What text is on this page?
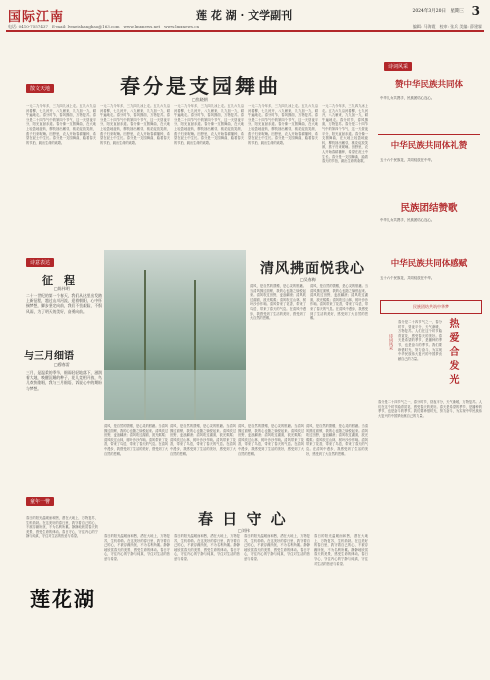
国际江南
电话: 0410-7557437　E-mail: lvmeishangbao@163.com　www.lmxnews.net　www.lmxnews.cn
莲 花 湖 · 文学副刊	3
2024年3月20日　星期三
编辑: 马海霞　校审: 张兵 美编: 薛建霖
散文天地	春分是支园舞曲
□焦晓朝
一元二九今年多，三九四九冰上走。五九六九沿河看柳，七九河开，八九雁来，九九加一九，耕牛遍地走。春分时节，春风拂面，万物复苏。春分是二十四节气中的第四个节气，这一天昼夜平分，阳光直射赤道。春分像一支圆舞曲，在大地上轻盈地旋转，柳枝抽出嫩芽，桃花绽放笑颜，燕子归来呢喃。田野里，农人开始春耕播种，希望在泥土中生长。春分是一支园舞曲，踏着春天的节拍，跳出生命的欢歌。
一元二九今年多，三九四九冰上走。五九六九沿河看柳，七九河开，八九雁来，九九加一九，耕牛遍地走。春分时节，春风拂面，万物复苏。春分是二十四节气中的第四个节气，这一天昼夜平分，阳光直射赤道。春分像一支圆舞曲，在大地上轻盈地旋转，柳枝抽出嫩芽，桃花绽放笑颜，燕子归来呢喃。田野里，农人开始春耕播种，希望在泥土中生长。春分是一支园舞曲，踏着春天的节拍，跳出生命的欢歌。
一元二九今年多，三九四九冰上走。五九六九沿河看柳，七九河开，八九雁来，九九加一九，耕牛遍地走。春分时节，春风拂面，万物复苏。春分是二十四节气中的第四个节气，这一天昼夜平分，阳光直射赤道。春分像一支圆舞曲，在大地上轻盈地旋转，柳枝抽出嫩芽，桃花绽放笑颜，燕子归来呢喃。田野里，农人开始春耕播种，希望在泥土中生长。春分是一支园舞曲，踏着春天的节拍，跳出生命的欢歌。
一元二九今年多，三九四九冰上走。五九六九沿河看柳，七九河开，八九雁来，九九加一九，耕牛遍地走。春分时节，春风拂面，万物复苏。春分是二十四节气中的第四个节气，这一天昼夜平分，阳光直射赤道。春分像一支圆舞曲，在大地上轻盈地旋转，柳枝抽出嫩芽，桃花绽放笑颜，燕子归来呢喃。田野里，农人开始春耕播种，希望在泥土中生长。春分是一支园舞曲，踏着春天的节拍，跳出生命的欢歌。
一元二九今年多，三九四九冰上走。五九六九沿河看柳，七九河开，八九雁来，九九加一九，耕牛遍地走。春分时节，春风拂面，万物复苏。春分是二十四节气中的第四个节气，这一天昼夜平分，阳光直射赤道。春分像一支圆舞曲，在大地上轻盈地旋转，柳枝抽出嫩芽，桃花绽放笑颜，燕子归来呢喃。田野里，农人开始春耕播种，希望在泥土中生长。春分是一支园舞曲，踏着春天的节拍，跳出生命的欢歌。
诗意表达
征　程
□陈伟明
二十一世纪的第一个春天，我们从这里出发踏上新征程，越过山川河流，迎着朝阳，心中怀揣梦想，脚步坚定向前，我们不畏艰险，不惧风雨，为了明天的美好，奋勇向前。
与三月细语
□穆春雷
三月，是温柔的季节，细雨轻轻地落下，滋润着大地，唤醒沉睡的种子，花儿竞相开放，鸟儿欢快歌唱，我与三月细语，诉说心中的期盼与梦想。
清风拂面悦我心
□吴春梅
清风，是自然的馈赠，是心灵的慰藉。当清风拂过面颊，我的心也随之愉悦起来。清风吹过田野，麦浪翻滚；清风吹过湖面，波光粼粼；清风吹过山林，树叶沙沙作响。清风带来了花香，带来了鸟语，带来了春天的气息。在清风中漫步，我感受到了生活的美好，感受到了大自然的恩赐。
清风，是自然的馈赠，是心灵的慰藉。当清风拂过面颊，我的心也随之愉悦起来。清风吹过田野，麦浪翻滚；清风吹过湖面，波光粼粼；清风吹过山林，树叶沙沙作响。清风带来了花香，带来了鸟语，带来了春天的气息。在清风中漫步，我感受到了生活的美好，感受到了大自然的恩赐。
清风，是自然的馈赠，是心灵的慰藉。当清风拂过面颊，我的心也随之愉悦起来。清风吹过田野，麦浪翻滚；清风吹过湖面，波光粼粼；清风吹过山林，树叶沙沙作响。清风带来了花香，带来了鸟语，带来了春天的气息。在清风中漫步，我感受到了生活的美好，感受到了大自然的恩赐。
清风，是自然的馈赠，是心灵的慰藉。当清风拂过面颊，我的心也随之愉悦起来。清风吹过田野，麦浪翻滚；清风吹过湖面，波光粼粼；清风吹过山林，树叶沙沙作响。清风带来了花香，带来了鸟语，带来了春天的气息。在清风中漫步，我感受到了生活的美好，感受到了大自然的恩赐。
清风，是自然的馈赠，是心灵的慰藉。当清风拂过面颊，我的心也随之愉悦起来。清风吹过田野，麦浪翻滚；清风吹过湖面，波光粼粼；清风吹过山林，树叶沙沙作响。清风带来了花香，带来了鸟语，带来了春天的气息。在清风中漫步，我感受到了生活的美好，感受到了大自然的恩赐。
清风，是自然的馈赠，是心灵的慰藉。当清风拂过面颊，我的心也随之愉悦起来。清风吹过田野，麦浪翻滚；清风吹过湖面，波光粼粼；清风吹过山林，树叶沙沙作响。清风带来了花香，带来了鸟语，带来了春天的气息。在清风中漫步，我感受到了生活的美好，感受到了大自然的恩赐。
童年一瞥
春 日 守 心
□刘伟
春日的阳光温暖而和煦，洒在大地上，万物复苏，生机勃勃。在这美好的春日里，我守着自己的心，不被浮躁所扰，不为名利所累。静静地欣赏春天的美景，感受生命的律动。春日守心，守住内心的宁静与纯真，守住对生活的热爱与希望。	春日的阳光温暖而和煦，洒在大地上，万物复苏，生机勃勃。在这美好的春日里，我守着自己的心，不被浮躁所扰，不为名利所累。静静地欣赏春天的美景，感受生命的律动。春日守心，守住内心的宁静与纯真，守住对生活的热爱与希望。
春日的阳光温暖而和煦，洒在大地上，万物复苏，生机勃勃。在这美好的春日里，我守着自己的心，不被浮躁所扰，不为名利所累。静静地欣赏春天的美景，感受生命的律动。春日守心，守住内心的宁静与纯真，守住对生活的热爱与希望。
春日的阳光温暖而和煦，洒在大地上，万物复苏，生机勃勃。在这美好的春日里，我守着自己的心，不被浮躁所扰，不为名利所累。静静地欣赏春天的美景，感受生命的律动。春日守心，守住内心的宁静与纯真，守住对生活的热爱与希望。
春日的阳光温暖而和煦，洒在大地上，万物复苏，生机勃勃。在这美好的春日里，我守着自己的心，不被浮躁所扰，不为名利所累。静静地欣赏春天的美景，感受生命的律动。春日守心，守住内心的宁静与纯真，守住对生活的热爱与希望。
莲花湖
诗词风采
赞中华民族共同体
中华儿女共携手，民族团结心连心。
中华民族共同体礼赞
五十六个民族花，共同绽放在中华。
民族团结赞歌
中华儿女共携手，民族团结心连心。
中华民族共同体感赋
五十六个民族花，共同绽放在中华。
民族团结共筑中华梦
诗词风采	热爱合发光
春分是二十四节气之一，春分时节，昼夜平分，天气渐暖，万物复苏。人们在这个时节踏青赏花，感受春天的美好。春天是希望的季节，是播种的季节，也是奋斗的季节。我们要珍惜时光，努力奋斗，为实现中华民族伟大复兴的中国梦贡献自己的力量。
春分是二十四节气之一，春分时节，昼夜平分，天气渐暖，万物复苏。人们在这个时节踏青赏花，感受春天的美好。春天是希望的季节，是播种的季节，也是奋斗的季节。我们要珍惜时光，努力奋斗，为实现中华民族伟大复兴的中国梦贡献自己的力量。
